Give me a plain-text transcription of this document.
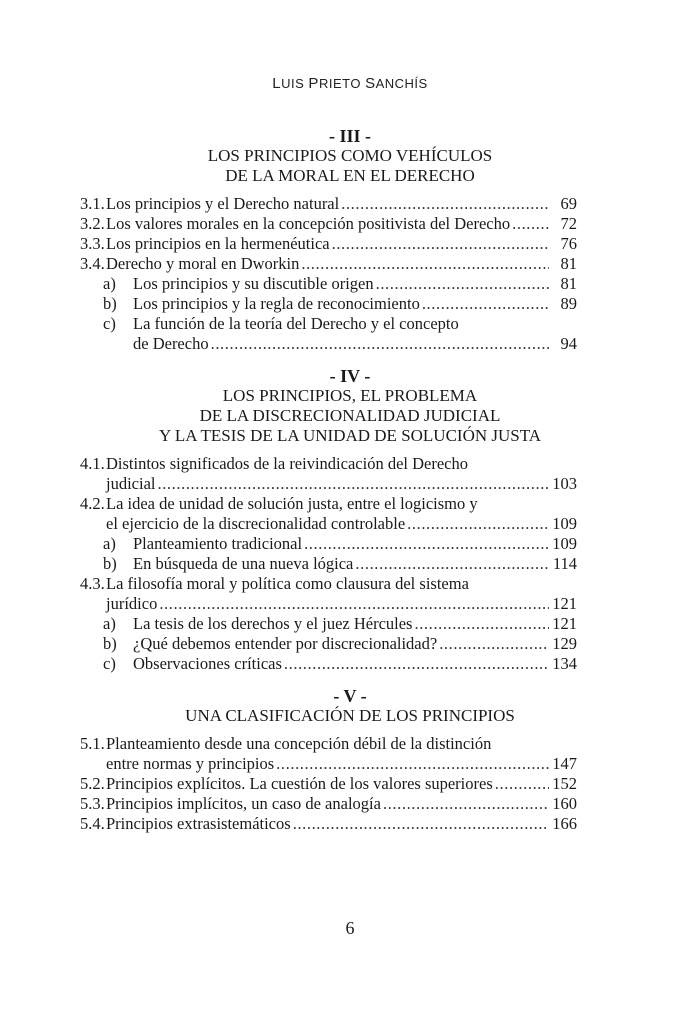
LUIS PRIETO SANCHÍS
- III -
LOS PRINCIPIOS COMO VEHÍCULOS
DE LA MORAL EN EL DERECHO
3.1. Los principios y el Derecho natural .....	69
3.2. Los valores morales en la concepción positivista del Derecho .....	72
3.3. Los principios en la hermenéutica .....	76
3.4. Derecho y moral en Dworkin .....	81
a)	Los principios y su discutible origen .....	81
b) Los principios y la regla de reconocimiento .....	89
c)	La función de la teoría del Derecho y el concepto
de Derecho .....	94
- IV -
LOS PRINCIPIOS, EL PROBLEMA
DE LA DISCRECIONALIDAD JUDICIAL
Y LA TESIS DE LA UNIDAD DE SOLUCIÓN JUSTA
4.1. Distintos significados de la reivindicación del Derecho
judicial .....	103
4.2. La idea de unidad de solución justa, entre el logicismo y
el ejercicio de la discrecionalidad controlable .....	109
a)	Planteamiento tradicional .....	109
b) En búsqueda de una nueva lógica .....	114
4.3. La filosofía moral y política como clausura del sistema
jurídico .....	121
a)	La tesis de los derechos y el juez Hércules .....	121
b) ¿Qué debemos entender por discrecionalidad? .....	129
c)	Observaciones críticas .....	134
- V -
UNA CLASIFICACIÓN DE LOS PRINCIPIOS
5.1. Planteamiento desde una concepción débil de la distinción
entre normas y principios .....	147
5.2. Principios explícitos. La cuestión de los valores superiores .....	152
5.3. Principios implícitos, un caso de analogía .....	160
5.4. Principios extrasistemáticos .....	166
6
